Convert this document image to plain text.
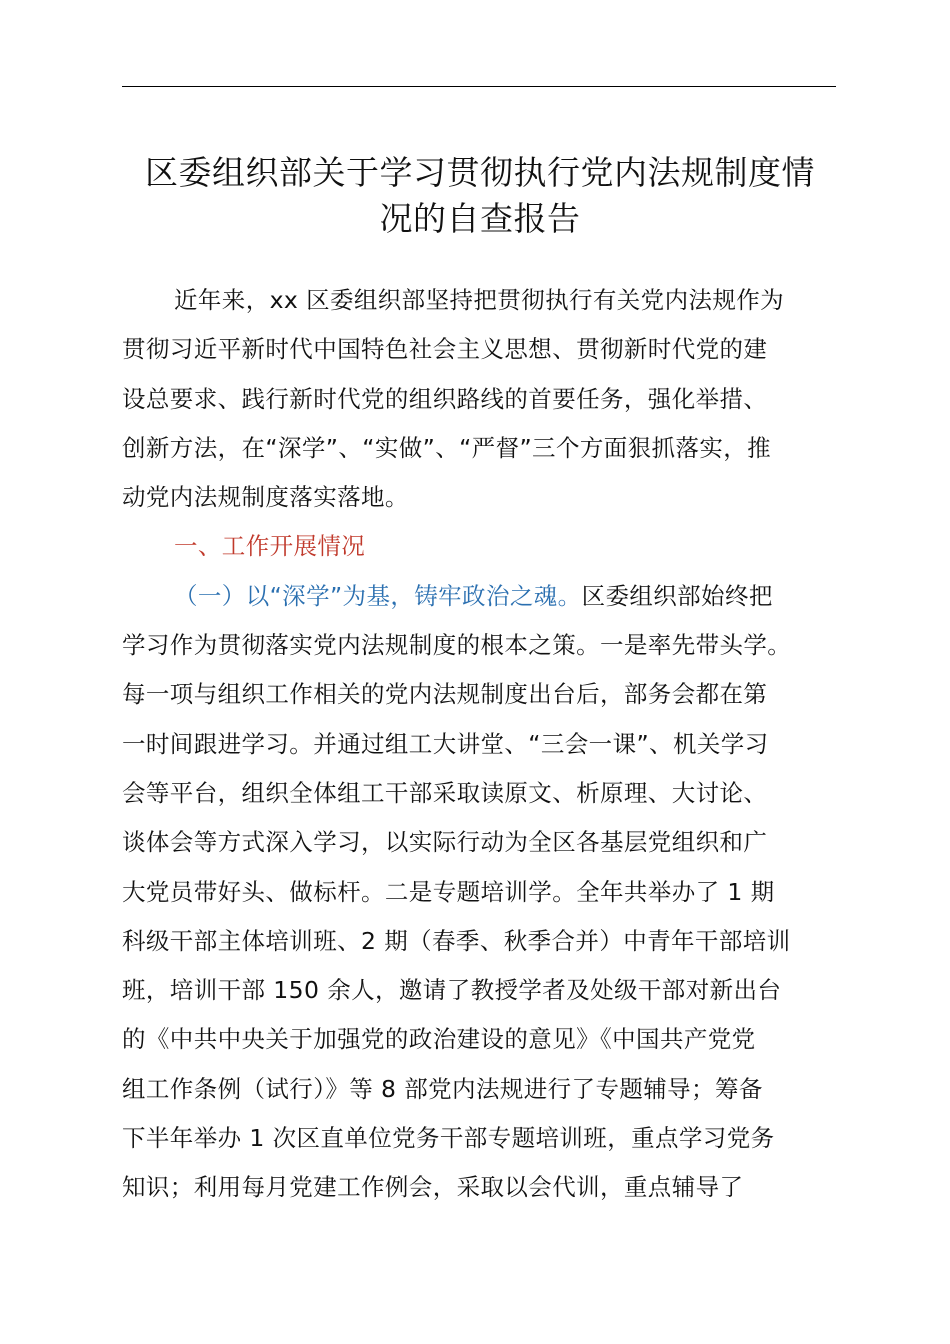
区委组织部关于学习贯彻执行党内法规制度情
况的自查报告
近年来，xx 区委组织部坚持把贯彻执行有关党内法规作为
贯彻习近平新时代中国特色社会主义思想、贯彻新时代党的建
设总要求、践行新时代党的组织路线的首要任务，强化举措、
创新方法，在“深学”、“实做”、“严督”三个方面狠抓落实，推
动党内法规制度落实落地。
一、工作开展情况
（一）以“深学”为基，铸牢政治之魂。区委组织部始终把
学习作为贯彻落实党内法规制度的根本之策。一是率先带头学。
每一项与组织工作相关的党内法规制度出台后，部务会都在第
一时间跟进学习。并通过组工大讲堂、“三会一课”、机关学习
会等平台，组织全体组工干部采取读原文、析原理、大讨论、
谈体会等方式深入学习，以实际行动为全区各基层党组织和广
大党员带好头、做标杆。二是专题培训学。全年共举办了 1 期
科级干部主体培训班、2 期（春季、秋季合并）中青年干部培训
班，培训干部 150 余人，邀请了教授学者及处级干部对新出台
的《中共中央关于加强党的政治建设的意见》《中国共产党党
组工作条例（试行）》等 8 部党内法规进行了专题辅导；筹备
下半年举办 1 次区直单位党务干部专题培训班，重点学习党务
知识；利用每月党建工作例会，采取以会代训，重点辅导了
